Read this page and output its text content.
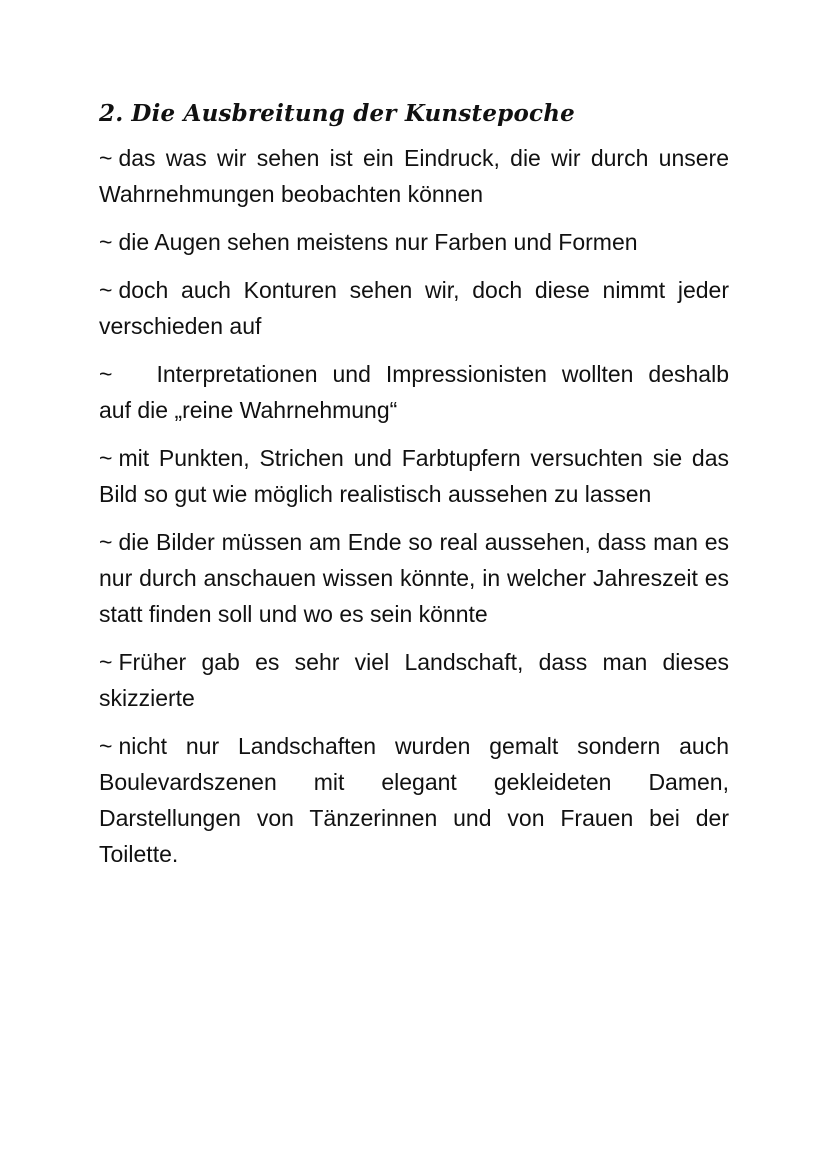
2. Die Ausbreitung der Kunstepoche

~ das was wir sehen ist ein Eindruck, die wir durch unsere Wahrnehmungen beobachten können

~ die Augen sehen meistens nur Farben und Formen

~ doch auch Konturen sehen wir, doch diese nimmt jeder verschieden auf

~ Interpretationen und Impressionisten wollten deshalb auf die „reine Wahrnehmung“

~ mit Punkten, Strichen und Farbtupfern versuchten sie das Bild so gut wie möglich realistisch aussehen zu lassen

~ die Bilder müssen am Ende so real aussehen, dass man es nur durch anschauen wissen könnte, in welcher Jahreszeit es statt finden soll und wo es sein könnte

~ Früher gab es sehr viel Landschaft, dass man dieses skizzierte

~ nicht nur Landschaften wurden gemalt sondern auch Boulevardszenen mit elegant gekleideten Damen, Darstellungen von Tänzerinnen und von Frauen bei der Toilette.
